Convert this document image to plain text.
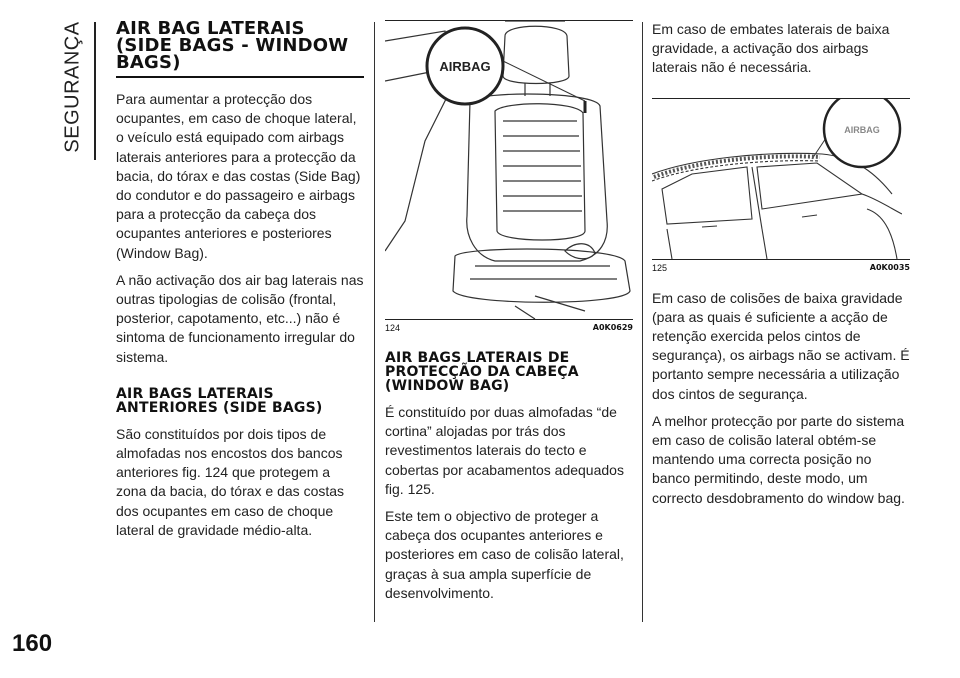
SEGURANÇA
160
AIR BAG LATERAIS (SIDE BAGS - WINDOW BAGS)

Para aumentar a protecção dos ocupantes, em caso de choque lateral, o veículo está equipado com airbags laterais anteriores para a protecção da bacia, do tórax e das costas (Side Bag) do condutor e do passageiro e airbags para a protecção da cabeça dos ocupantes anteriores e posteriores (Window Bag).

A não activação dos air bag laterais nas outras tipologias de colisão (frontal, posterior, capotamento, etc...) não é sintoma de funcionamento irregular do sistema.

AIR BAGS LATERAIS ANTERIORES (SIDE BAGS)

São constituídos por dois tipos de almofadas nos encostos dos bancos anteriores fig. 124 que protegem a zona da bacia, do tórax e das costas dos ocupantes em caso de choque lateral de gravidade médio-alta.

AIRBAG
124	A0K0629
AIR BAGS LATERAIS DE PROTECÇÃO DA CABEÇA (WINDOW BAG)

É constituído por duas almofadas “de cortina” alojadas por trás dos revestimentos laterais do tecto e cobertas por acabamentos adequados fig. 125.

Este tem o objectivo de proteger a cabeça dos ocupantes anteriores e posteriores em caso de colisão lateral, graças à sua ampla superfície de desenvolvimento.

Em caso de embates laterais de baixa gravidade, a activação dos airbags laterais não é necessária.

AIRBAG
125	A0K0035

Em caso de colisões de baixa gravidade (para as quais é suficiente a acção de retenção exercida pelos cintos de segurança), os airbags não se activam. É portanto sempre necessária a utilização dos cintos de segurança.

A melhor protecção por parte do sistema em caso de colisão lateral obtém-se mantendo uma correcta posição no banco permitindo, deste modo, um correcto desdobramento do window bag.
